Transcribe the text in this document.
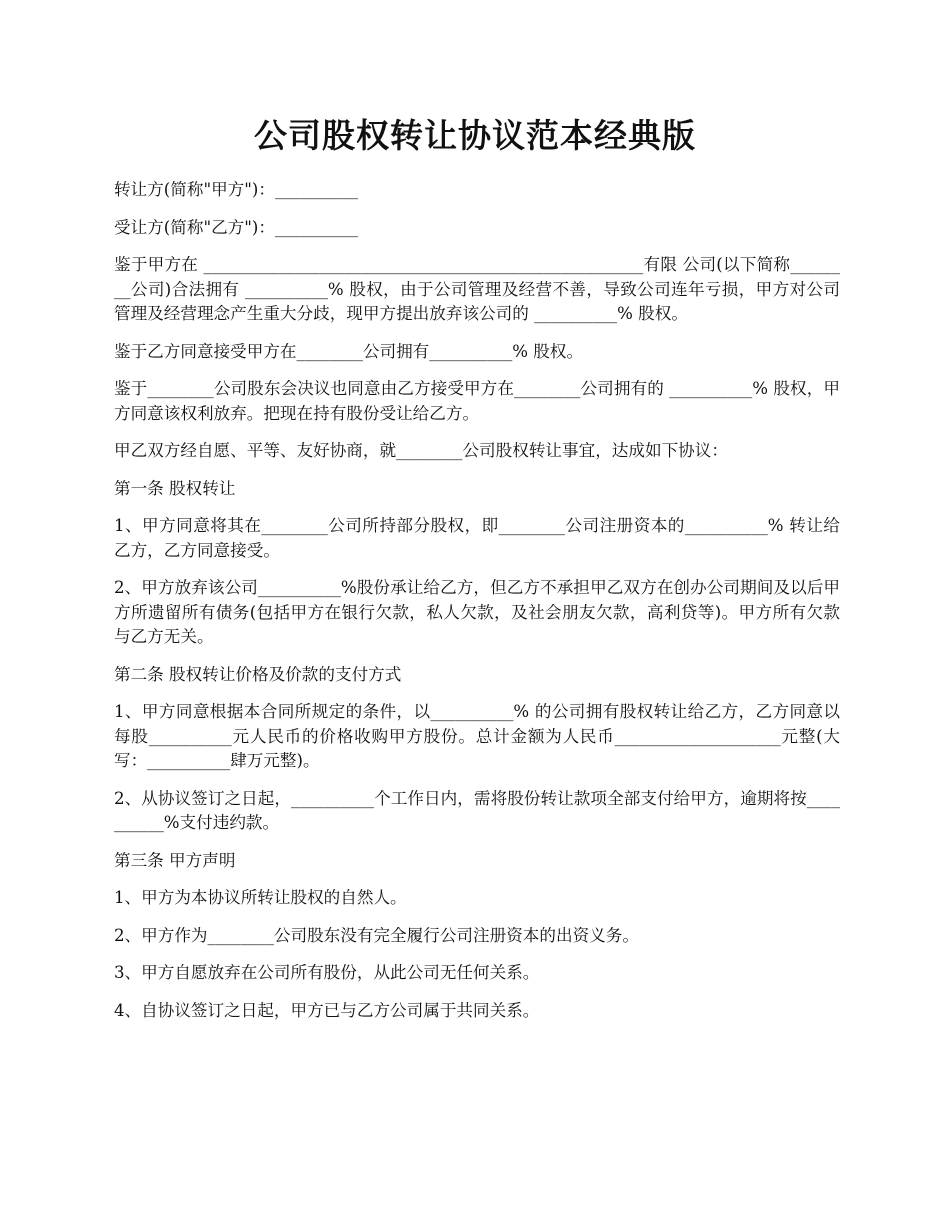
公司股权转让协议范本经典版

转让方(简称"甲方")：__________

受让方(简称"乙方")：__________

鉴于甲方在 _____________________________________________________有限 公司(以下简称________公司)合法拥有 __________% 股权，由于公司管理及经营不善，导致公司连年亏损，甲方对公司管理及经营理念产生重大分歧，现甲方提出放弃该公司的 __________% 股权。

鉴于乙方同意接受甲方在________公司拥有__________% 股权。

鉴于________公司股东会决议也同意由乙方接受甲方在________公司拥有的 __________% 股权，甲方同意该权利放弃。把现在持有股份受让给乙方。

甲乙双方经自愿、平等、友好协商，就________公司股权转让事宜，达成如下协议：

第一条 股权转让

1、甲方同意将其在________公司所持部分股权，即________公司注册资本的__________% 转让给乙方，乙方同意接受。

2、甲方放弃该公司__________%股份承让给乙方，但乙方不承担甲乙双方在创办公司期间及以后甲方所遗留所有债务(包括甲方在银行欠款，私人欠款，及社会朋友欠款，高利贷等)。甲方所有欠款与乙方无关。

第二条 股权转让价格及价款的支付方式

1、甲方同意根据本合同所规定的条件，以__________% 的公司拥有股权转让给乙方，乙方同意以每股__________元人民币的价格收购甲方股份。总计金额为人民币____________________元整(大写：__________肆万元整)。

2、从协议签订之日起，__________个工作日内，需将股份转让款项全部支付给甲方，逾期将按__________%支付违约款。

第三条 甲方声明

1、甲方为本协议所转让股权的自然人。

2、甲方作为________公司股东没有完全履行公司注册资本的出资义务。

3、甲方自愿放弃在公司所有股份，从此公司无任何关系。

4、自协议签订之日起，甲方已与乙方公司属于共同关系。
